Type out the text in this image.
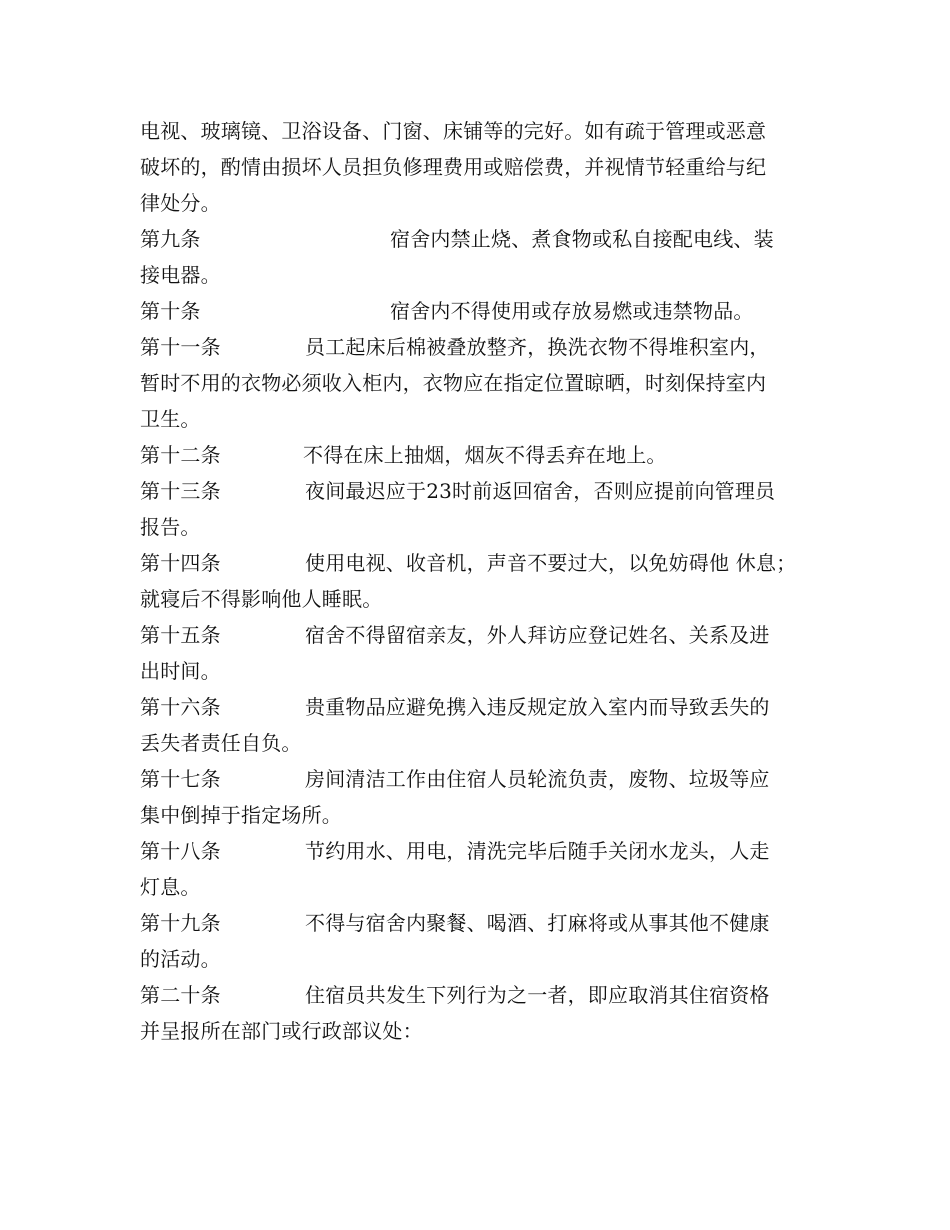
电视、玻璃镜、卫浴设备、门窗、床铺等的完好。如有疏于管理或恶意
破坏的，酌情由损坏人员担负修理费用或赔偿费，并视情节轻重给与纪
律处分。
第九条	宿舍内禁止烧、煮食物或私自接配电线、装
接电器。
第十条	宿舍内不得使用或存放易燃或违禁物品。
第十一条	员工起床后棉被叠放整齐，换洗衣物不得堆积室内，
暂时不用的衣物必须收入柜内，衣物应在指定位置晾晒，时刻保持室内
卫生。
第十二条	不得在床上抽烟，烟灰不得丢弃在地上。
第十三条	夜间最迟应于23时前返回宿舍，否则应提前向管理员
报告。
第十四条	使用电视、收音机，声音不要过大，以免妨碍他 休息；
就寝后不得影响他人睡眠。
第十五条	宿舍不得留宿亲友，外人拜访应登记姓名、关系及进
出时间。
第十六条	贵重物品应避免携入违反规定放入室内而导致丢失的
丢失者责任自负。
第十七条	房间清洁工作由住宿人员轮流负责，废物、垃圾等应
集中倒掉于指定场所。
第十八条	节约用水、用电，清洗完毕后随手关闭水龙头，人走
灯息。
第十九条	不得与宿舍内聚餐、喝酒、打麻将或从事其他不健康
的活动。
第二十条	住宿员共发生下列行为之一者，即应取消其住宿资格
并呈报所在部门或行政部议处：
